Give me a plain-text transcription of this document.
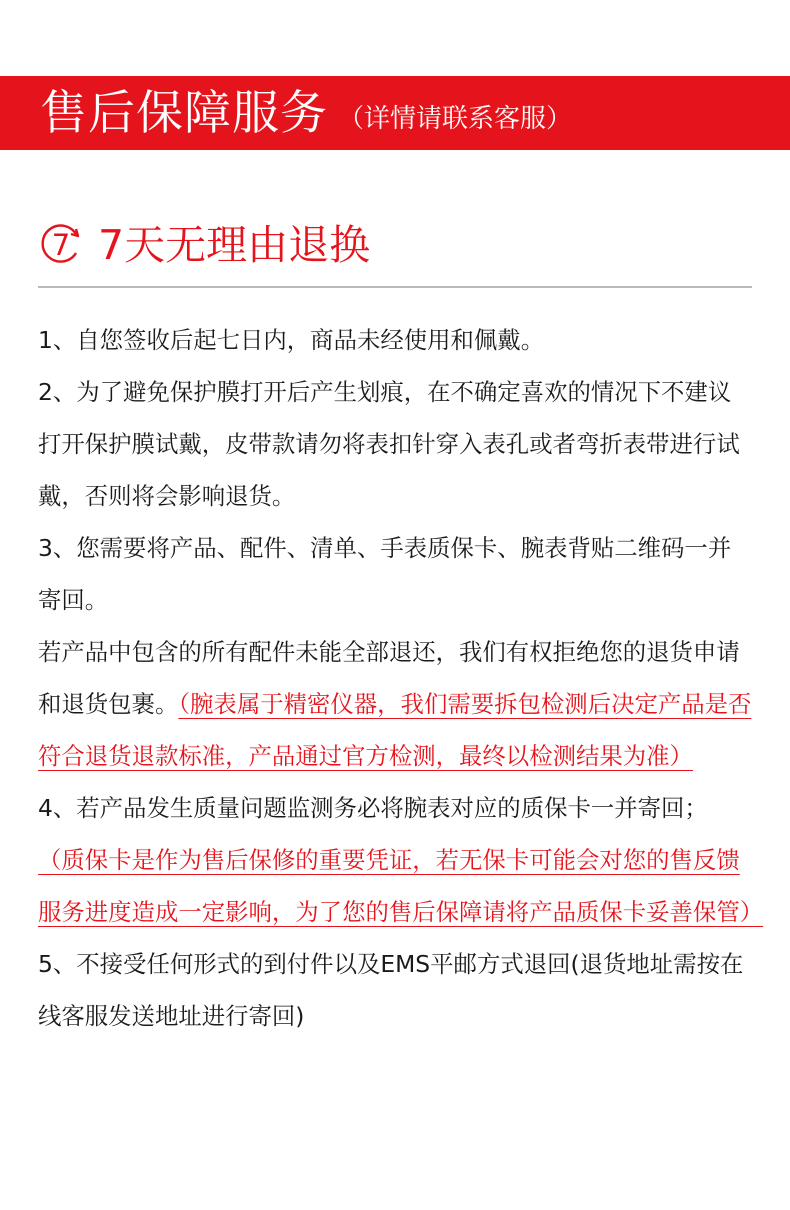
售后保障服务 （详情请联系客服）
7 7天无理由退换

1、自您签收后起七日内，商品未经使用和佩戴。

2、为了避免保护膜打开后产生划痕，在不确定喜欢的情况下不建议打开保护膜试戴，皮带款请勿将表扣针穿入表孔或者弯折表带进行试戴，否则将会影响退货。

3、您需要将产品、配件、清单、手表质保卡、腕表背贴二维码一并寄回。

若产品中包含的所有配件未能全部退还，我们有权拒绝您的退货申请和退货包裹。（腕表属于精密仪器，我们需要拆包检测后决定产品是否符合退货退款标准，产品通过官方检测，最终以检测结果为准）

4、若产品发生质量问题监测务必将腕表对应的质保卡一并寄回；

（质保卡是作为售后保修的重要凭证，若无保卡可能会对您的售反馈服务进度造成一定影响，为了您的售后保障请将产品质保卡妥善保管）

5、不接受任何形式的到付件以及EMS平邮方式退回(退货地址需按在线客服发送地址进行寄回)
